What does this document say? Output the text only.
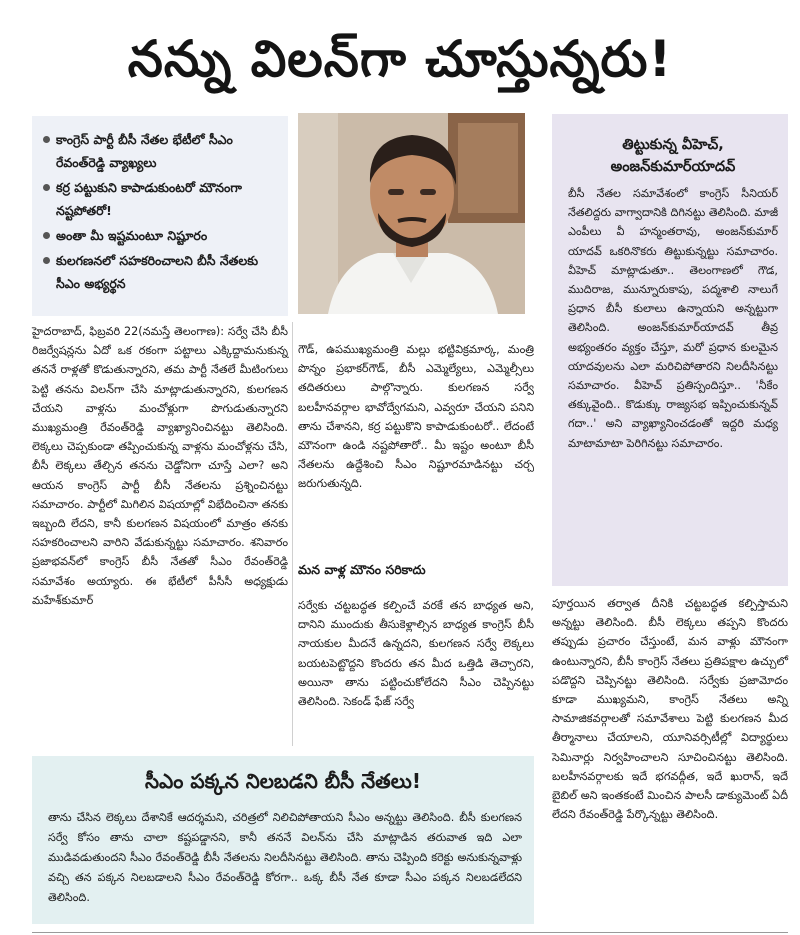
నన్ను విలన్‌గా చూస్తున్నరు!
కాంగ్రెస్ పార్టీ బీసీ నేతల భేటీలో సీఎం రేవంత్‌రెడ్డి వ్యాఖ్యలు
కర్ర పట్టుకుని కాపాడుకుంటరో మౌనంగా నష్టపోతరో!
అంతా మీ ఇష్టమంటూ నిష్టూరం
కులగణనలో సహకరించాలని బీసీ నేతలకు సీఎం అభ్యర్థన
తిట్టుకున్న వీహెచ్, అంజన్‌కుమార్‌యాదవ్
బీసీ నేతల సమావేశంలో కాంగ్రెస్ సీనియర్ నేతలిద్దరు వాగ్వాదానికి దిగినట్టు తెలిసింది. మాజీ ఎంపీలు వీ హన్మంతరావు, అంజన్‌కుమార్ యాదవ్ ఒకరినొకరు తిట్టుకున్నట్టు సమాచారం. వీహెచ్ మాట్లాడుతూ.. తెలంగాణలో గౌడ, ముదిరాజ, మున్నూరుకాపు, పద్మశాలి నాలుగే ప్రధాన బీసీ కులాలు ఉన్నాయని అన్నట్టుగా తెలిసింది. అంజన్‌కుమార్‌యాదవ్ తీవ్ర అభ్యంతరం వ్యక్తం చేస్తూ, మరో ప్రధాన కులమైన యాదవులను ఎలా మరిచిపోతారని నిలదీసినట్టు సమాచారం. వీహెచ్ ప్రతిస్పందిస్తూ.. 'నీకేం తక్కువైంది.. కొడుక్కు రాజ్యసభ ఇప్పించుకున్నవ్ గదా..' అని వ్యాఖ్యానించడంతో ఇద్దరి మధ్య మాటామాటా పెరిగినట్టు సమాచారం.

హైదరాబాద్, ఫిబ్రవరి 22(నమస్తే తెలంగాణ): సర్వే చేసి బీసీ రిజర్వేషన్లను ఏదో ఒక రకంగా పట్టాలు ఎక్కిద్దామనుకున్న తననే రాళ్లతో కొడుతున్నారని, తమ పార్టీ నేతలే మీటింగులు పెట్టి తనను విలన్‌గా చేసి మాట్లాడుతున్నారని, కులగణన చేయని వాళ్లను మంచోళ్లుగా పొగుడుతున్నారని ముఖ్యమంత్రి రేవంత్‌రెడ్డి వ్యాఖ్యానించినట్టు తెలిసింది. లెక్కలు చెప్పకుండా తప్పించుకున్న వాళ్లను మంచోళ్లను చేసి, బీసీ లెక్కలు తేల్చిన తనను చెడ్డోనిగా చూస్తే ఎలా? అని ఆయన కాంగ్రెస్ పార్టీ బీసీ నేతలను ప్రశ్నించినట్టు సమాచారం. పార్టీలో మిగిలిన విషయాల్లో విభేదించినా తనకు ఇబ్బంది లేదని, కానీ కులగణన విషయంలో మాత్రం తనకు సహకరించాలని వారిని వేడుకున్నట్టు సమాచారం. శనివారం ప్రజాభవన్‌లో కాంగ్రెస్ బీసీ నేతతో సీఎం రేవంత్‌రెడ్డి సమావేశం అయ్యారు. ఈ భేటీలో పీసీసీ అధ్యక్షుడు మహేశ్‌కుమార్

గౌడ్, ఉపముఖ్యమంత్రి మల్లు భట్టివిక్రమార్క, మంత్రి పొన్నం ప్రభాకర్‌గౌడ్, బీసీ ఎమ్మెల్యేలు, ఎమ్మెల్సీలు తదితరులు పాల్గొన్నారు. కులగణన సర్వే బలహీనవర్గాల భావోద్వేగమని, ఎవ్వరూ చేయని పనిని తాను చేశానని, కర్ర పట్టుకొని కాపాడుకుంటరో.. లేదంటే మౌనంగా ఉండి నష్టపోతారో.. మీ ఇష్టం అంటూ బీసీ నేతలను ఉద్దేశించి సీఎం నిష్టూరమాడినట్టు చర్చ జరుగుతున్నది.

మన వాళ్ల మౌనం సరికాదు

సర్వేకు చట్టబద్ధత కల్పించే వరకే తన బాధ్యత అని, దానిని ముందుకు తీసుకెళ్లాల్సిన బాధ్యత కాంగ్రెస్ బీసీ నాయకుల మీదనే ఉన్నదని, కులగణన సర్వే లెక్కలు బయటపెట్టొద్దని కొందరు తన మీద ఒత్తిడి తెచ్చారని, అయినా తాను పట్టించుకోలేదని సీఎం చెప్పినట్టు తెలిసింది. సెకండ్ ఫేజ్ సర్వే

పూర్తయిన తర్వాత దీనికి చట్టబద్ధత కల్పిస్తామని అన్నట్టు తెలిసింది. బీసీ లెక్కలు తప్పని కొందరు తప్పుడు ప్రచారం చేస్తుంటే, మన వాళ్లు మౌనంగా ఉంటున్నారని, బీసీ కాంగ్రెస్ నేతలు ప్రతిపక్షాల ఉచ్చులో పడొద్దని చెప్పినట్టు తెలిసింది. సర్వేకు ప్రజామోదం కూడా ముఖ్యమని, కాంగ్రెస్ నేతలు అన్ని సామాజికవర్గాలతో సమావేశాలు పెట్టి కులగణన మీద తీర్మానాలు చేయాలని, యూనివర్సిటీల్లో విద్యార్థులు సెమినార్లు నిర్వహించాలని సూచించినట్టు తెలిసింది. బలహీనవర్గాలకు ఇదే భగవద్గీత, ఇదే ఖురాన్, ఇదే బైబిల్ అని ఇంతకంటే మించిన పాలసీ డాక్యుమెంట్ ఏదీ లేదని రేవంత్‌రెడ్డి పేర్కొన్నట్టు తెలిసింది.

సీఎం పక్కన నిలబడని బీసీ నేతలు!
తాను చేసిన లెక్కలు దేశానికే ఆదర్శమని, చరిత్రలో నిలిచిపోతాయని సీఎం అన్నట్టు తెలిసింది. బీసీ కులగణన సర్వే కోసం తాను చాలా కష్టపడ్డానని, కానీ తననే విలన్‌ను చేసి మాట్లాడిన తరువాత ఇది ఎలా ముడివడుతుందని సీఎం రేవంత్‌రెడ్డి బీసీ నేతలను నిలదీసినట్టు తెలిసింది. తాను చెప్పింది కరెక్టు అనుకున్నవాళ్లు వచ్చి తన పక్కన నిలబడాలని సీఎం రేవంత్‌రెడ్డి కోరగా.. ఒక్క బీసీ నేత కూడా సీఎం పక్కన నిలబడలేదని తెలిసింది.
